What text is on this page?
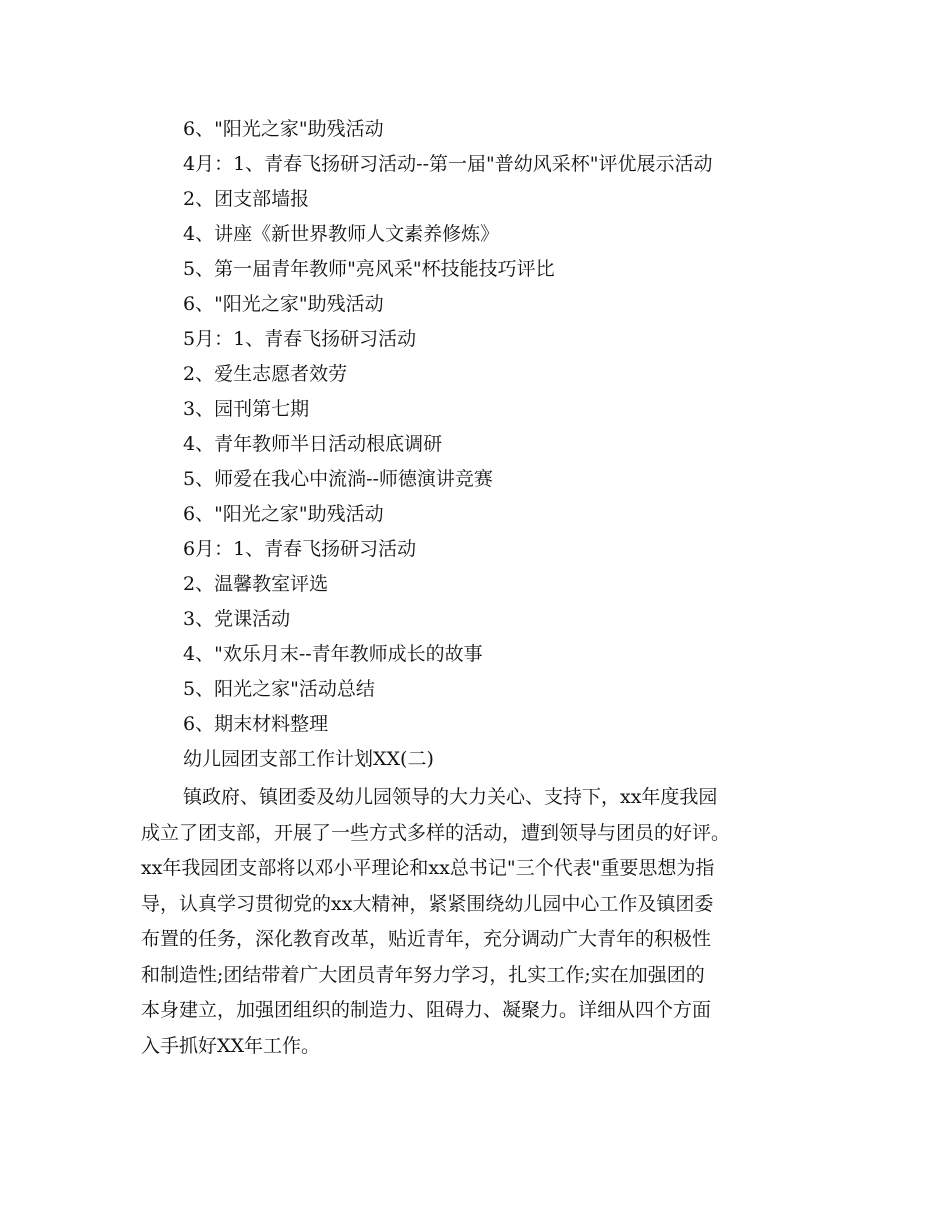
6、"阳光之家"助残活动
4月：1、青春飞扬研习活动--第一届"普幼风采杯"评优展示活动
2、团支部墙报
4、讲座《新世界教师人文素养修炼》
5、第一届青年教师"亮风采"杯技能技巧评比
6、"阳光之家"助残活动
5月：1、青春飞扬研习活动
2、爱生志愿者效劳
3、园刊第七期
4、青年教师半日活动根底调研
5、师爱在我心中流淌--师德演讲竞赛
6、"阳光之家"助残活动
6月：1、青春飞扬研习活动
2、温馨教室评选
3、党课活动
4、"欢乐月末--青年教师成长的故事
5、阳光之家"活动总结
6、期末材料整理
幼儿园团支部工作计划XX(二)
镇政府、镇团委及幼儿园领导的大力关心、支持下，xx年度我园
成立了团支部，开展了一些方式多样的活动，遭到领导与团员的好评。
xx年我园团支部将以邓小平理论和xx总书记"三个代表"重要思想为指
导，认真学习贯彻党的xx大精神，紧紧围绕幼儿园中心工作及镇团委
布置的任务，深化教育改革，贴近青年，充分调动广大青年的积极性
和制造性;团结带着广大团员青年努力学习，扎实工作;实在加强团的
本身建立，加强团组织的制造力、阻碍力、凝聚力。详细从四个方面
入手抓好XX年工作。
